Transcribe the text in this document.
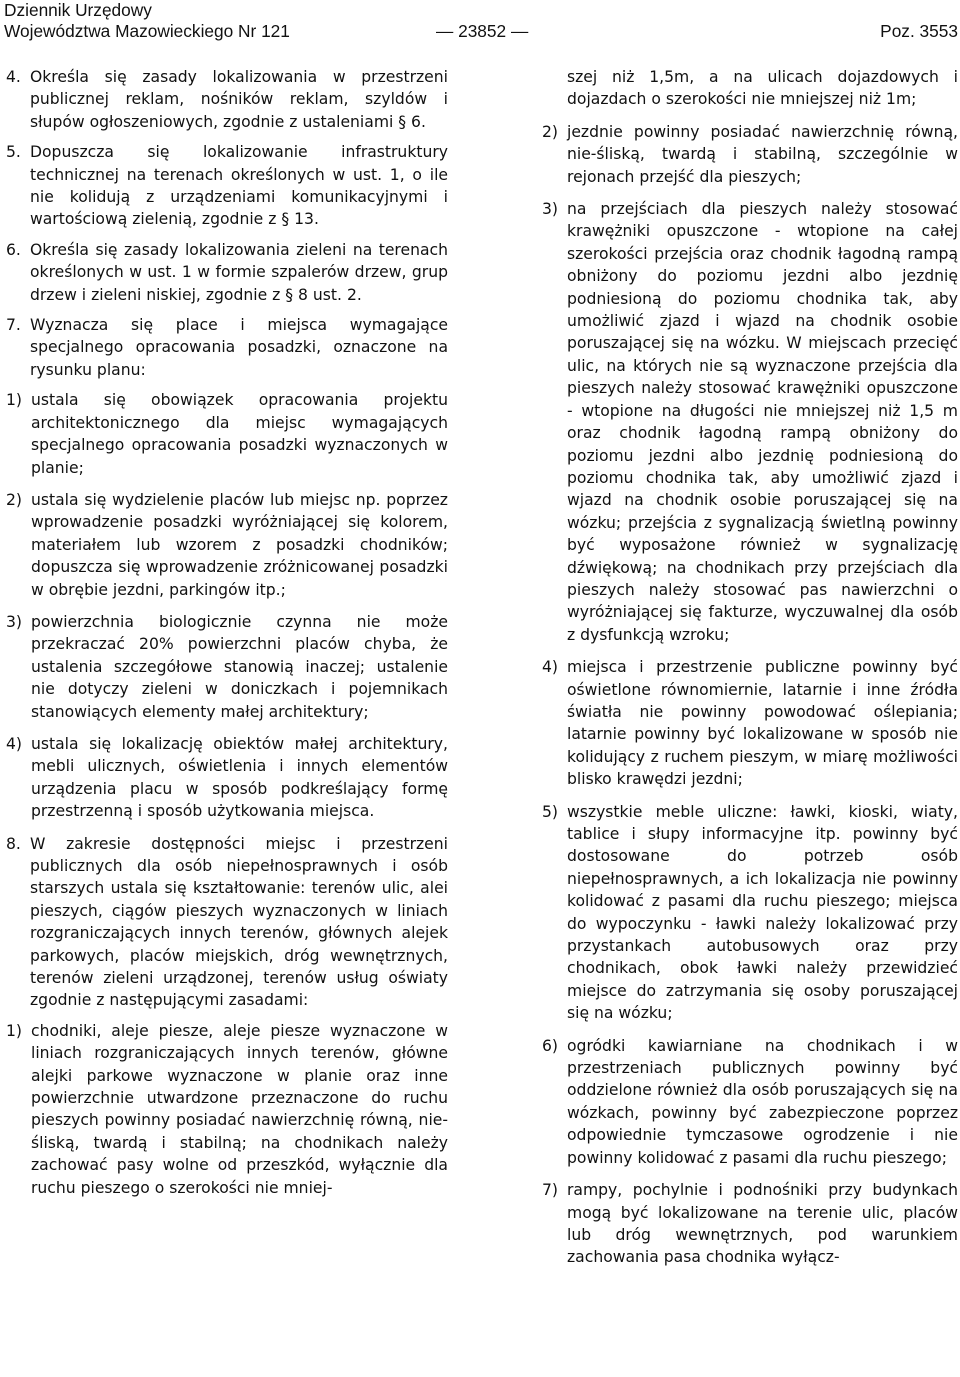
Dziennik Urzędowy
Województwa Mazowieckiego Nr 121	— 23852 —	Poz. 3553
4. Określa się zasady lokalizowania w przestrzeni publicznej reklam, nośników reklam, szyldów i słupów ogłoszeniowych, zgodnie z ustaleniami § 6.
5. Dopuszcza się lokalizowanie infrastruktury technicznej na terenach określonych w ust. 1, o ile nie kolidują z urządzeniami komunikacyjnymi i wartościową zielenią, zgodnie z § 13.
6. Określa się zasady lokalizowania zieleni na terenach określonych w ust. 1 w formie szpalerów drzew, grup drzew i zieleni niskiej, zgodnie z § 8 ust. 2.
7. Wyznacza się place i miejsca wymagające specjalnego opracowania posadzki, oznaczone na rysunku planu:
1) ustala się obowiązek opracowania projektu architektonicznego dla miejsc wymagających specjalnego opracowania posadzki wyznaczonych w planie;
2) ustala się wydzielenie placów lub miejsc np. poprzez wprowadzenie posadzki wyróżniającej się kolorem, materiałem lub wzorem z posadzki chodników; dopuszcza się wprowadzenie zróżnicowanej posadzki w obrębie jezdni, parkingów itp.;
3) powierzchnia biologicznie czynna nie może przekraczać 20% powierzchni placów chyba, że ustalenia szczegółowe stanowią inaczej; ustalenie nie dotyczy zieleni w doniczkach i pojemnikach stanowiących elementy małej architektury;
4) ustala się lokalizację obiektów małej architektury, mebli ulicznych, oświetlenia i innych elementów urządzenia placu w sposób podkreślający formę przestrzenną i sposób użytkowania miejsca.
8. W zakresie dostępności miejsc i przestrzeni publicznych dla osób niepełnosprawnych i osób starszych ustala się kształtowanie: terenów ulic, alei pieszych, ciągów pieszych wyznaczonych w liniach rozgraniczających innych terenów, głównych alejek parkowych, placów miejskich, dróg wewnętrznych, terenów zieleni urządzonej, terenów usług oświaty zgodnie z następującymi zasadami:
1) chodniki, aleje piesze, aleje piesze wyznaczone w liniach rozgraniczających innych terenów, główne alejki parkowe wyznaczone w planie oraz inne powierzchnie utwardzone przeznaczone do ruchu pieszych powinny posiadać nawierzchnię równą, nie-śliską, twardą i stabilną; na chodnikach należy zachować pasy wolne od przeszkód, wyłącznie dla ruchu pieszego o szerokości nie mniej-
szej niż 1,5m, a na ulicach dojazdowych i dojazdach o szerokości nie mniejszej niż 1m;
2) jezdnie powinny posiadać nawierzchnię równą, nie-śliską, twardą i stabilną, szczególnie w rejonach przejść dla pieszych;
3) na przejściach dla pieszych należy stosować krawężniki opuszczone - wtopione na całej szerokości przejścia oraz chodnik łagodną rampą obniżony do poziomu jezdni albo jezdnię podniesioną do poziomu chodnika tak, aby umożliwić zjazd i wjazd na chodnik osobie poruszającej się na wózku. W miejscach przecięć ulic, na których nie są wyznaczone przejścia dla pieszych należy stosować krawężniki opuszczone - wtopione na długości nie mniejszej niż 1,5 m oraz chodnik łagodną rampą obniżony do poziomu jezdni albo jezdnię podniesioną do poziomu chodnika tak, aby umożliwić zjazd i wjazd na chodnik osobie poruszającej się na wózku; przejścia z sygnalizacją świetlną powinny być wyposażone również w sygnalizację dźwiękową; na chodnikach przy przejściach dla pieszych należy stosować pas nawierzchni o wyróżniającej się fakturze, wyczuwalnej dla osób z dysfunkcją wzroku;
4) miejsca i przestrzenie publiczne powinny być oświetlone równomiernie, latarnie i inne źródła światła nie powinny powodować oślepiania; latarnie powinny być lokalizowane w sposób nie kolidujący z ruchem pieszym, w miarę możliwości blisko krawędzi jezdni;
5) wszystkie meble uliczne: ławki, kioski, wiaty, tablice i słupy informacyjne itp. powinny być dostosowane do potrzeb osób niepełnosprawnych, a ich lokalizacja nie powinny kolidować z pasami dla ruchu pieszego; miejsca do wypoczynku - ławki należy lokalizować przy przystankach autobusowych oraz przy chodnikach, obok ławki należy przewidzieć miejsce do zatrzymania się osoby poruszającej się na wózku;
6) ogródki kawiarniane na chodnikach i w przestrzeniach publicznych powinny być oddzielone również dla osób poruszających się na wózkach, powinny być zabezpieczone poprzez odpowiednie tymczasowe ogrodzenie i nie powinny kolidować z pasami dla ruchu pieszego;
7) rampy, pochylnie i podnośniki przy budynkach mogą być lokalizowane na terenie ulic, placów lub dróg wewnętrznych, pod warunkiem zachowania pasa chodnika wyłącz-
